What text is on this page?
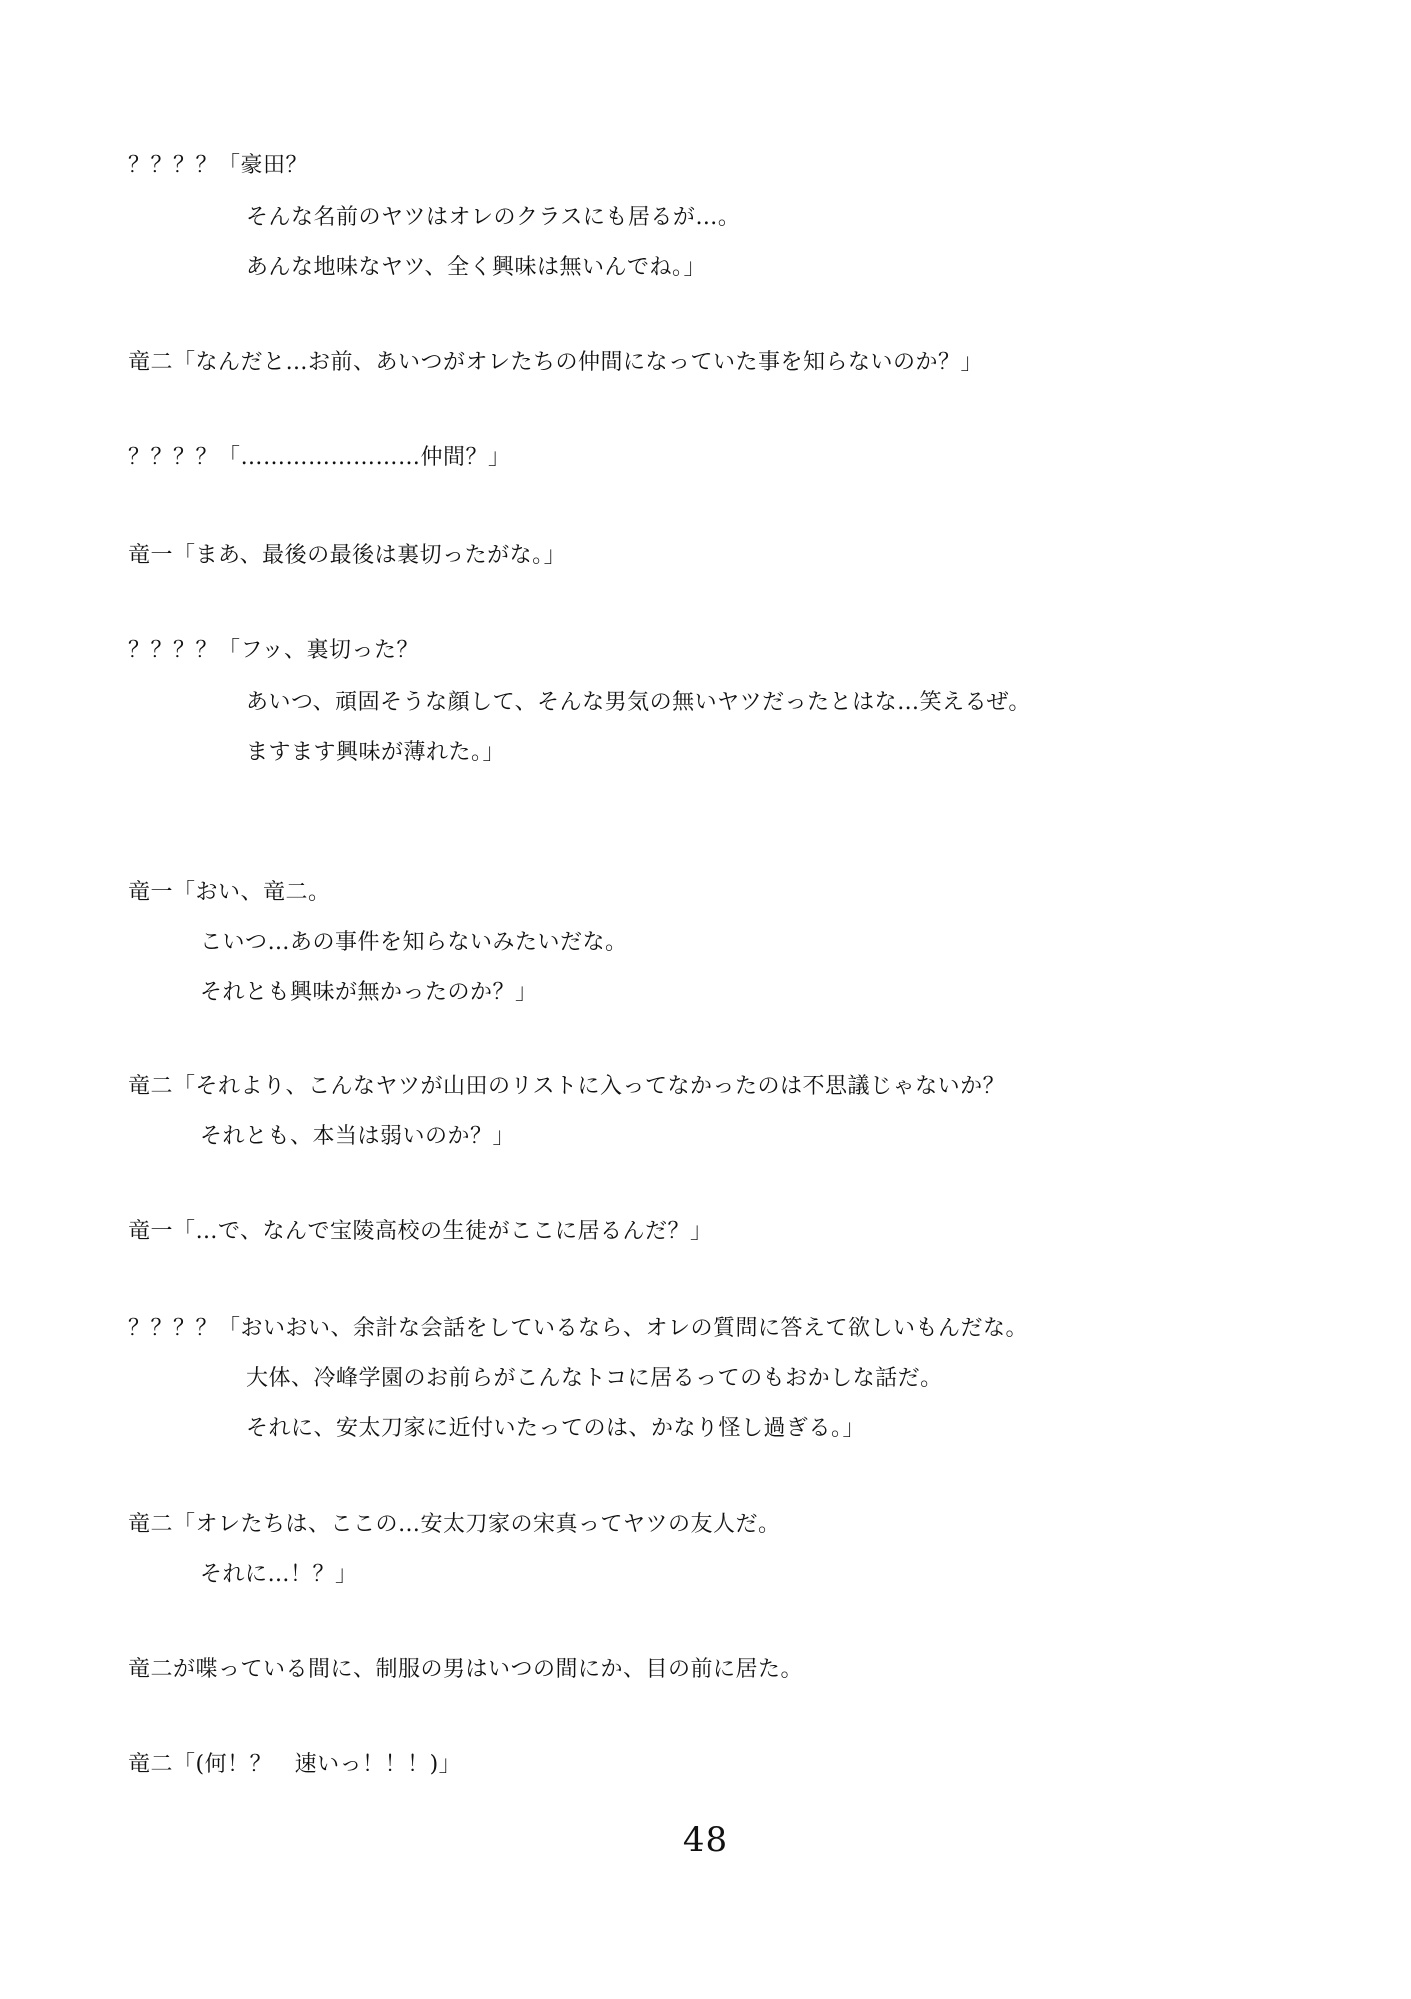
？？？？「豪田？
そんな名前のヤツはオレのクラスにも居るが…。
あんな地味なヤツ、全く興味は無いんでね。」
竜二「なんだと…お前、あいつがオレたちの仲間になっていた事を知らないのか？」
？？？？「……………………仲間？」
竜一「まあ、最後の最後は裏切ったがな。」
？？？？「フッ、裏切った？
あいつ、頑固そうな顔して、そんな男気の無いヤツだったとはな…笑えるぜ。
ますます興味が薄れた。」
竜一「おい、竜二。
こいつ…あの事件を知らないみたいだな。
それとも興味が無かったのか？」
竜二「それより、こんなヤツが山田のリストに入ってなかったのは不思議じゃないか？
それとも、本当は弱いのか？」
竜一「…で、なんで宝陵高校の生徒がここに居るんだ？」
？？？？「おいおい、余計な会話をしているなら、オレの質問に答えて欲しいもんだな。
大体、冷峰学園のお前らがこんなトコに居るってのもおかしな話だ。
それに、安太刀家に近付いたってのは、かなり怪し過ぎる。」
竜二「オレたちは、ここの…安太刀家の宋真ってヤツの友人だ。
それに…！？」
竜二が喋っている間に、制服の男はいつの間にか、目の前に居た。
竜二「(何！？　速いっ！！！)」
48
